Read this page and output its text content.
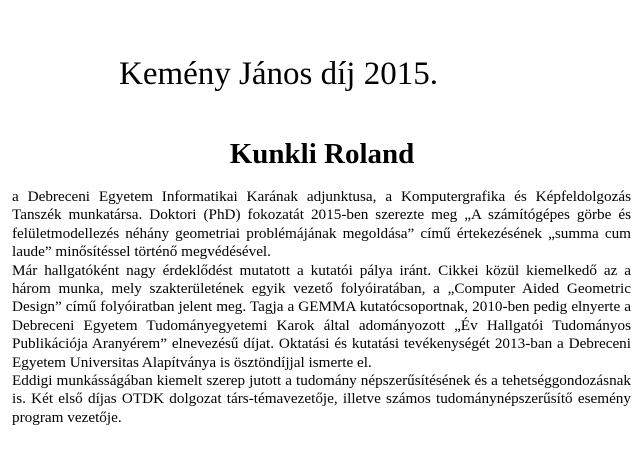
Kemény János díj 2015.
Kunkli Roland

a Debreceni Egyetem Informatikai Karának adjunktusa, a Komputergrafika és Képfeldolgozás Tanszék munkatársa. Doktori (PhD) fokozatát 2015-ben szerezte meg „A számítógépes görbe és felületmodellezés néhány geometriai problémájának megoldása” című értekezésének „summa cum laude” minősítéssel történő megvédésével.

Már hallgatóként nagy érdeklődést mutatott a kutatói pálya iránt. Cikkei közül kiemelkedő az a három munka, mely szakterületének egyik vezető folyóiratában, a „Computer Aided Geometric Design” című folyóiratban jelent meg. Tagja a GEMMA kutatócsoportnak, 2010-ben pedig elnyerte a Debreceni Egyetem Tudományegyetemi Karok által adományozott „Év Hallgatói Tudományos Publikációja Aranyérem” elnevezésű díjat. Oktatási és kutatási tevékenységét 2013-ban a Debreceni Egyetem Universitas Alapítványa is ösztöndíjjal ismerte el.

Eddigi munkásságában kiemelt szerep jutott a tudomány népszerűsítésének és a tehetséggondozásnak is. Két első díjas OTDK dolgozat társ-témavezetője, illetve számos tudománynépszerűsítő esemény program vezetője.
